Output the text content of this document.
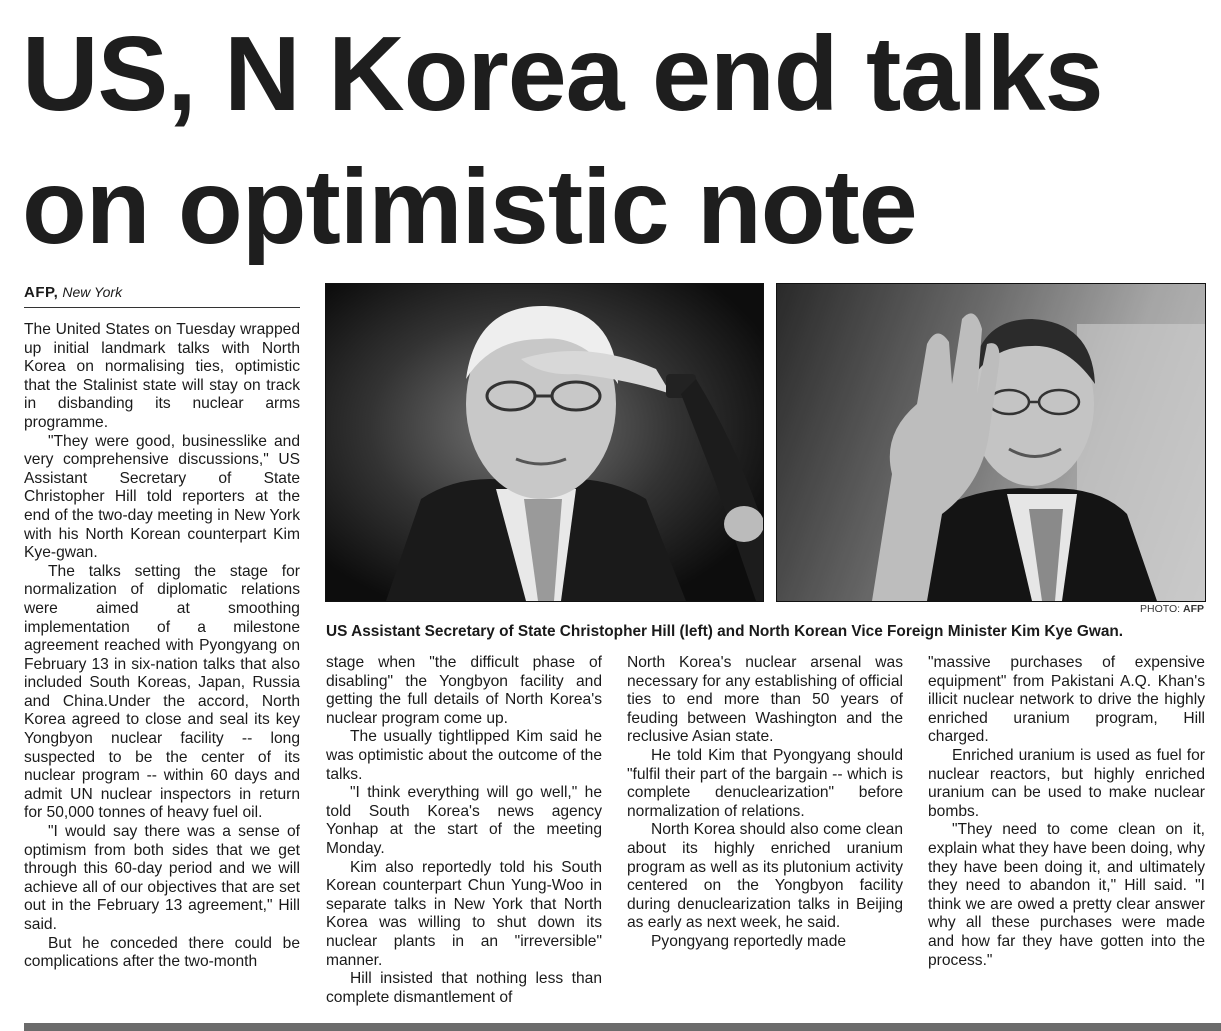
US, N Korea end talks
on optimistic note
AFP, New York

The United States on Tuesday wrapped up initial landmark talks with North Korea on normalising ties, optimistic that the Stalinist state will stay on track in disbanding its nuclear arms programme.

"They were good, businesslike and very comprehensive discussions," US Assistant Secretary of State Christopher Hill told reporters at the end of the two-day meeting in New York with his North Korean counterpart Kim Kye-gwan.

The talks setting the stage for normalization of diplomatic relations were aimed at smoothing implementation of a milestone agreement reached with Pyongyang on February 13 in six-nation talks that also included South Koreas, Japan, Russia and China.Under the accord, North Korea agreed to close and seal its key Yongbyon nuclear facility -- long suspected to be the center of its nuclear program -- within 60 days and admit UN nuclear inspectors in return for 50,000 tonnes of heavy fuel oil.

"I would say there was a sense of optimism from both sides that we get through this 60-day period and we will achieve all of our objectives that are set out in the February 13 agreement," Hill said.

But he conceded there could be complications after the two-month

PHOTO: AFP
US Assistant Secretary of State Christopher Hill (left) and North Korean Vice Foreign Minister Kim Kye Gwan.

stage when "the difficult phase of disabling" the Yongbyon facility and getting the full details of North Korea's nuclear program come up.

The usually tightlipped Kim said he was optimistic about the outcome of the talks.

"I think everything will go well," he told South Korea's news agency Yonhap at the start of the meeting Monday.

Kim also reportedly told his South Korean counterpart Chun Yung-Woo in separate talks in New York that North Korea was willing to shut down its nuclear plants in an "irreversible" manner.

Hill insisted that nothing less than complete dismantlement of

North Korea's nuclear arsenal was necessary for any establishing of official ties to end more than 50 years of feuding between Washington and the reclusive Asian state.

He told Kim that Pyongyang should "fulfil their part of the bargain -- which is complete denuclearization" before normalization of relations.

North Korea should also come clean about its highly enriched uranium program as well as its plutonium activity centered on the Yongbyon facility during denuclearization talks in Beijing as early as next week, he said.

Pyongyang reportedly made

"massive purchases of expensive equipment" from Pakistani A.Q. Khan's illicit nuclear network to drive the highly enriched uranium program, Hill charged.

Enriched uranium is used as fuel for nuclear reactors, but highly enriched uranium can be used to make nuclear bombs.

"They need to come clean on it, explain what they have been doing, why they have been doing it, and ultimately they need to abandon it," Hill said. "I think we are owed a pretty clear answer why all these purchases were made and how far they have gotten into the process."
